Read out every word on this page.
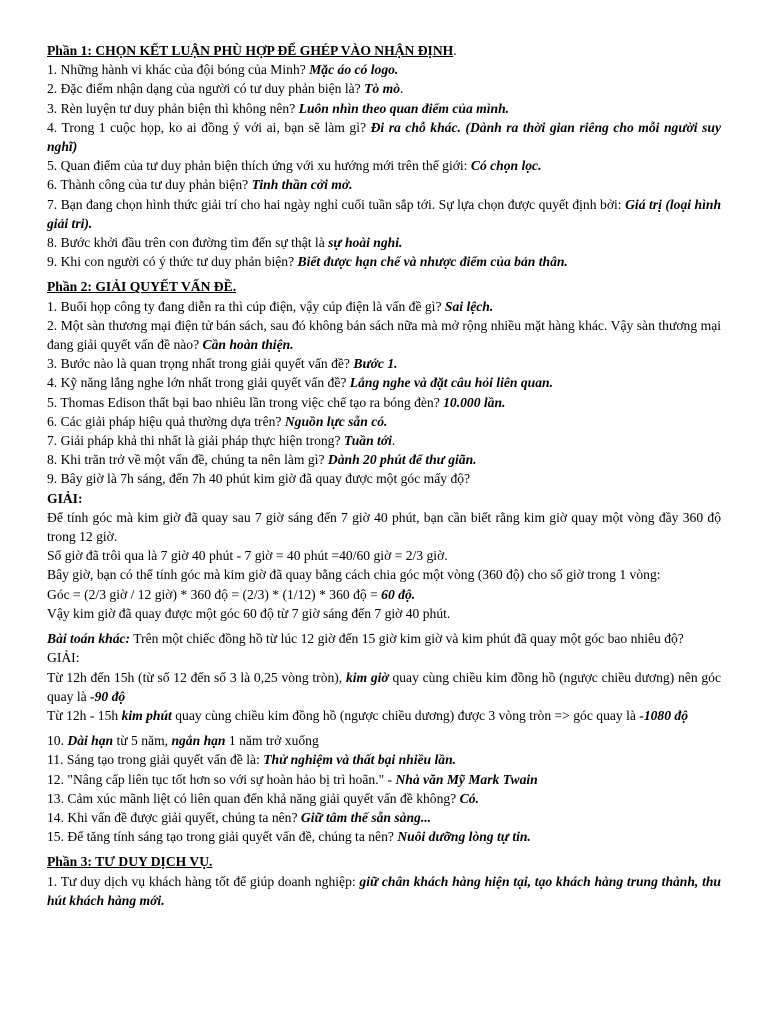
Phần 1: CHỌN KẾT LUẬN PHÙ HỢP ĐỂ GHÉP VÀO NHẬN ĐỊNH.

1. Những hành vi khác của đội bóng của Minh? Mặc áo có logo.

2. Đặc điểm nhận dạng của người có tư duy phản biện là? Tò mò.

3. Rèn luyện tư duy phản biện thì không nên? Luôn nhìn theo quan điểm của mình.

4. Trong 1 cuộc họp, ko ai đồng ý với ai, bạn sẽ làm gì? Đi ra chỗ khác. (Dành ra thời gian riêng cho mỗi người suy nghĩ)

5. Quan điểm của tư duy phản biện thích ứng với xu hướng mới trên thế giới: Có chọn lọc.

6. Thành công của tư duy phản biện? Tinh thần cởi mở.

7. Bạn đang chọn hình thức giải trí cho hai ngày nghỉ cuối tuần sắp tới. Sự lựa chọn được quyết định bởi: Giá trị (loại hình giải tri).

8. Bước khởi đầu trên con đường tìm đến sự thật là sự hoài nghi.

9. Khi con người có ý thức tư duy phản biện? Biết được hạn chế và nhược điểm của bản thân.

Phần 2: GIẢI QUYẾT VẤN ĐỀ.

1. Buổi họp công ty đang diễn ra thì cúp điện, vậy cúp điện là vấn đề gì? Sai lệch.

2. Một sàn thương mại điện tử bán sách, sau đó không bán sách nữa mà mở rộng nhiều mặt hàng khác. Vậy sàn thương mại đang giải quyết vấn đề nào? Cần hoàn thiện.

3. Bước nào là quan trọng nhất trong giải quyết vấn đề? Bước 1.

4. Kỹ năng lắng nghe lớn nhất trong giải quyết vấn đề? Lắng nghe và đặt câu hỏi liên quan.

5. Thomas Edison thất bại bao nhiêu lần trong việc chế tạo ra bóng đèn? 10.000 lần.

6. Các giải pháp hiệu quả thường dựa trên? Nguồn lực sẵn có.

7. Giải pháp khả thi nhất là giải pháp thực hiện trong? Tuần tới.

8. Khi trăn trở về một vấn đề, chúng ta nên làm gì? Dành 20 phút để thư giãn.

9. Bây giờ là 7h sáng, đến 7h 40 phút kim giờ đã quay được một góc mấy độ?

GIẢI:

Để tính góc mà kim giờ đã quay sau 7 giờ sáng đến 7 giờ 40 phút, bạn cần biết rằng kim giờ quay một vòng đầy 360 độ trong 12 giờ.

Số giờ đã trôi qua là 7 giờ 40 phút - 7 giờ = 40 phút =40/60 giờ = 2/3 giờ.

Bây giờ, bạn có thể tính góc mà kim giờ đã quay bằng cách chia góc một vòng (360 độ) cho số giờ trong 1 vòng:

Góc = (2/3 giờ / 12 giờ) * 360 độ = (2/3) * (1/12) * 360 độ = 60 độ.

Vậy kim giờ đã quay được một góc 60 độ từ 7 giờ sáng đến 7 giờ 40 phút.

Bài toán khác: Trên một chiếc đồng hồ từ lúc 12 giờ đến 15 giờ kim giờ và kim phút đã quay một góc bao nhiêu độ?

GIẢI:

Từ 12h đến 15h (từ số 12 đến số 3 là 0,25 vòng tròn), kim giờ quay cùng chiều kim đồng hồ (ngược chiều dương) nên góc quay là -90 độ

Từ 12h - 15h kim phút quay cùng chiều kim đồng hồ (ngược chiều dương) được 3 vòng tròn => góc quay là -1080 độ

10. Dài hạn từ 5 năm, ngắn hạn 1 năm trở xuống

11. Sáng tạo trong giải quyết vấn đề là: Thử nghiệm và thất bại nhiều lần.

12. "Nâng cấp liên tục tốt hơn so với sự hoàn hảo bị trì hoãn." - Nhà văn Mỹ Mark Twain

13. Cảm xúc mãnh liệt có liên quan đến khả năng giải quyết vấn đề không? Có.

14. Khi vấn đề được giải quyết, chúng ta nên? Giữ tâm thế sẵn sàng...

15. Để tăng tính sáng tạo trong giải quyết vấn đề, chúng ta nên? Nuôi dưỡng lòng tự tin.

Phần 3: TƯ DUY DỊCH VỤ.

1. Tư duy dịch vụ khách hàng tốt để giúp doanh nghiệp: giữ chân khách hàng hiện tại, tạo khách hàng trung thành, thu hút khách hàng mới.
